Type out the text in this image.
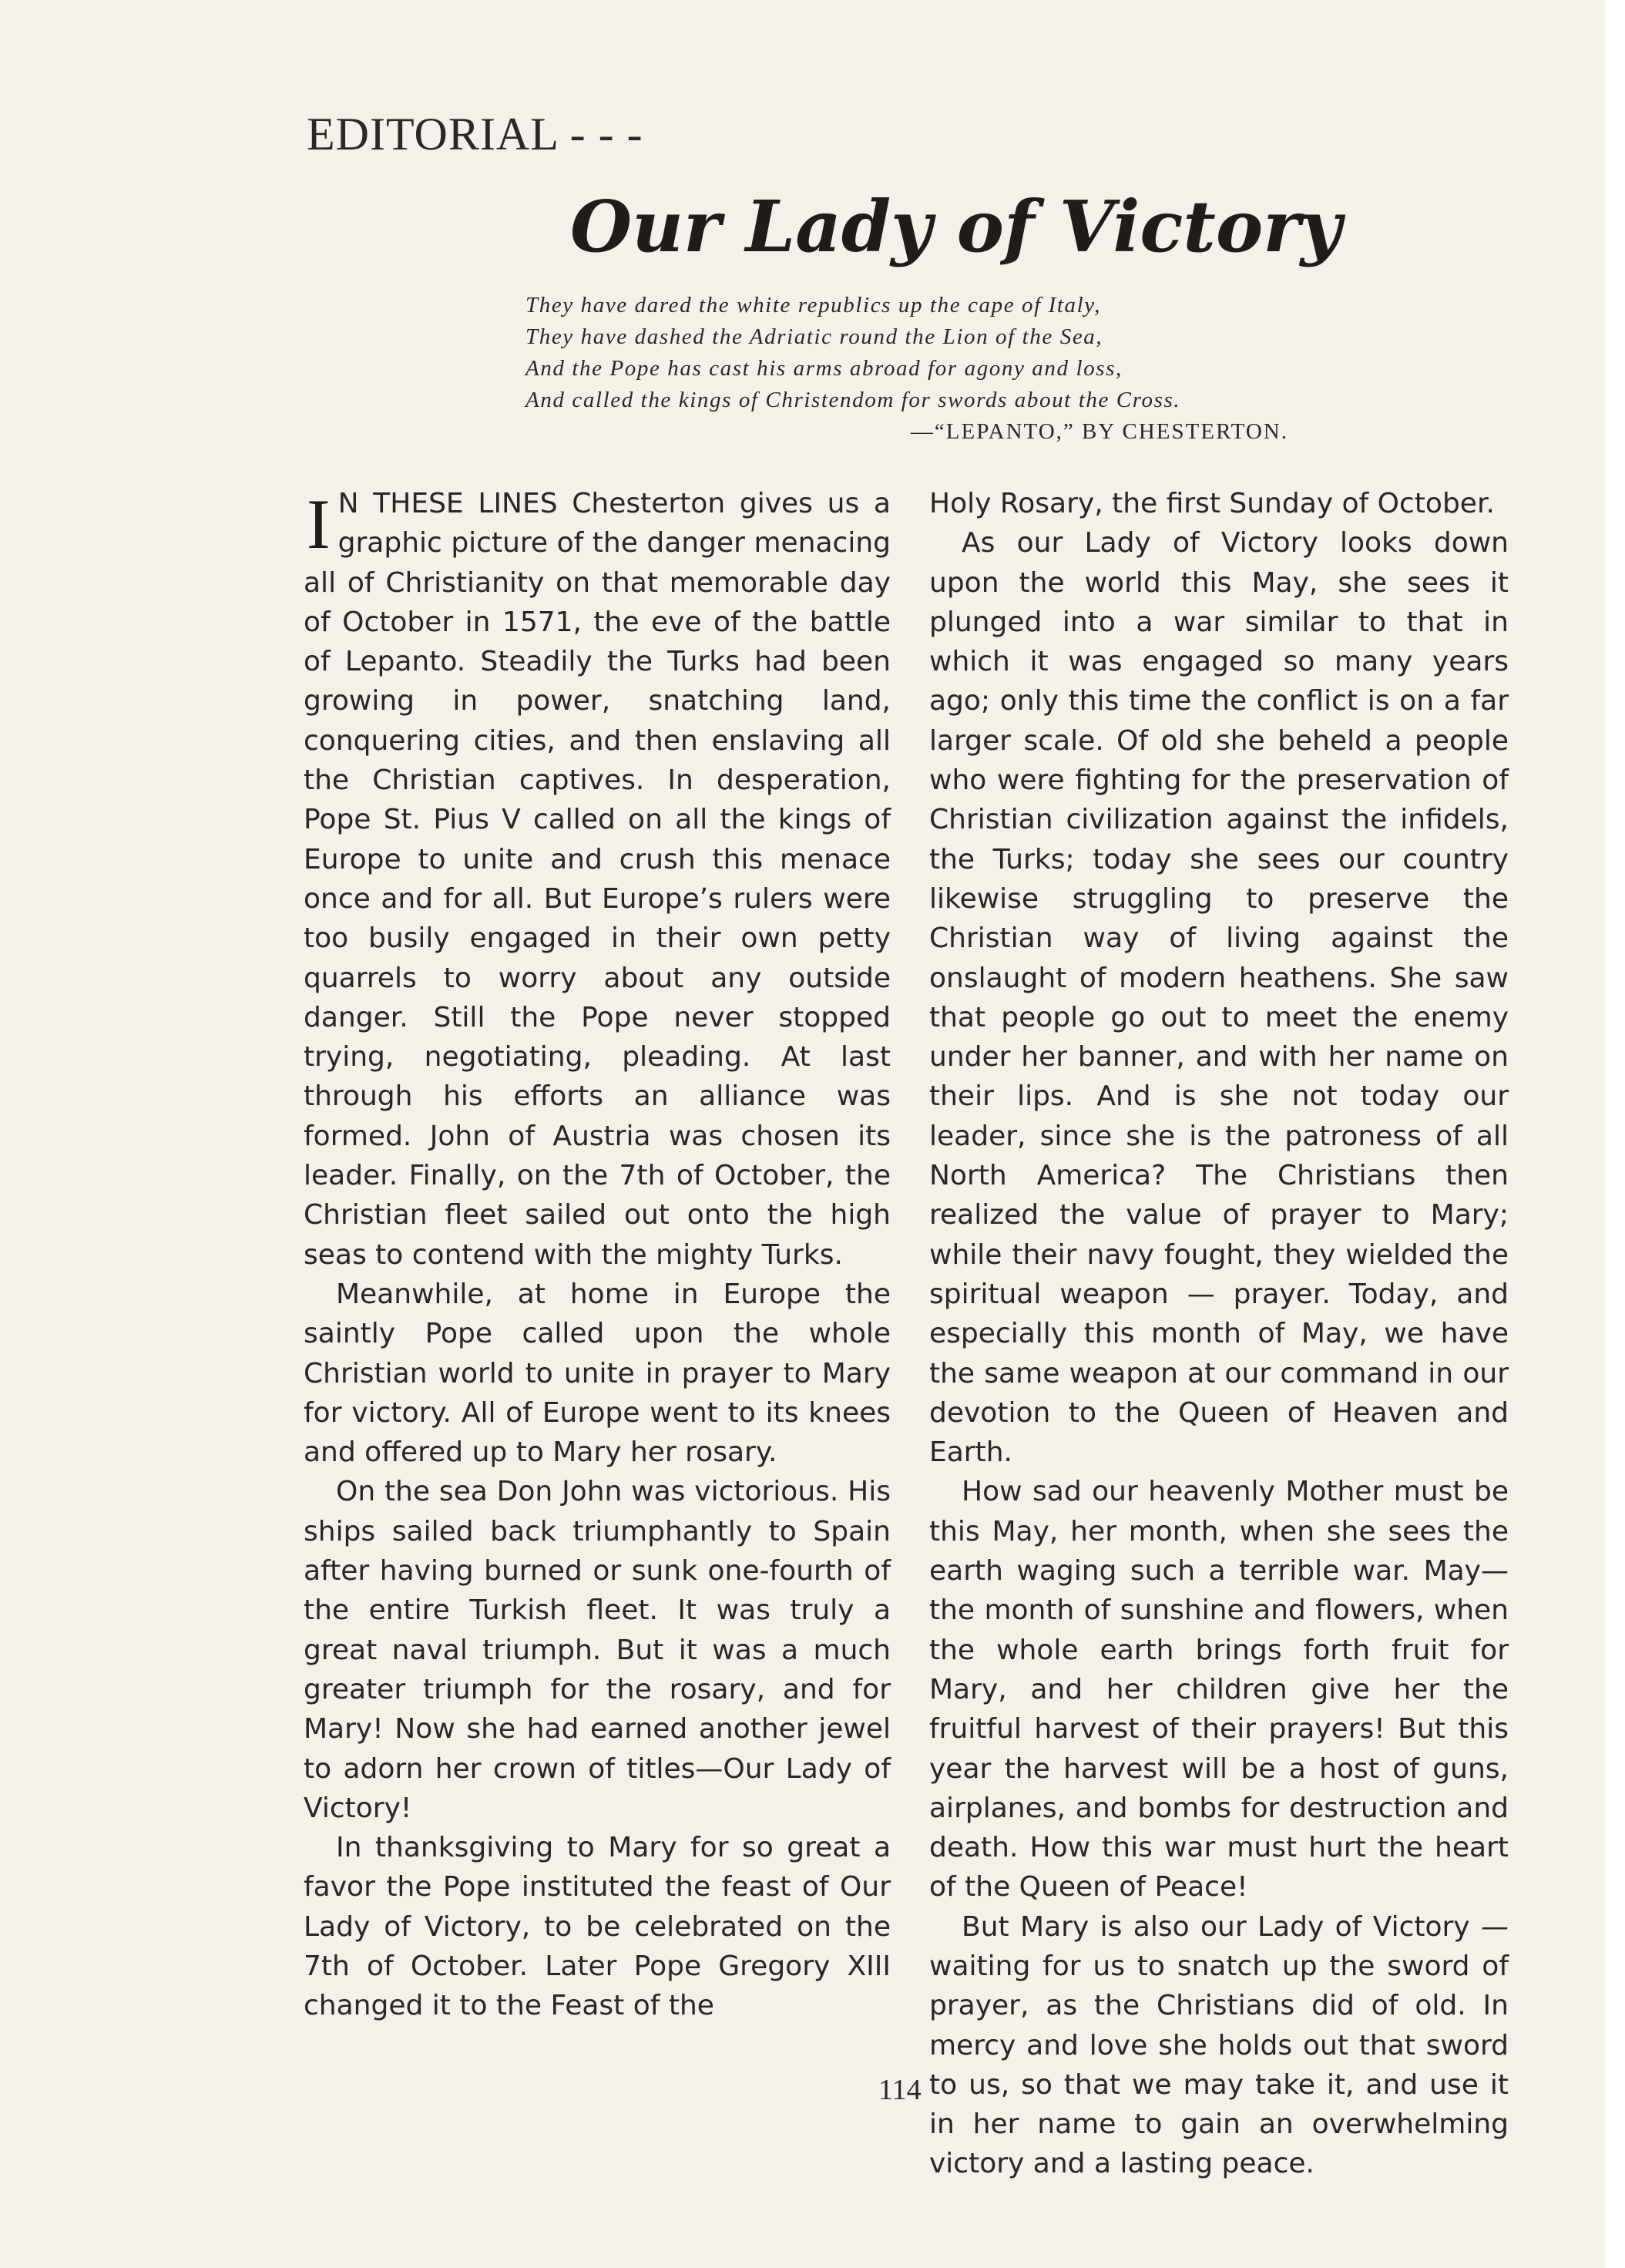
EDITORIAL - - -
Our Lady of Victory
They have dared the white republics up the cape of Italy,
They have dashed the Adriatic round the Lion of the Sea,
And the Pope has cast his arms abroad for agony and loss,
And called the kings of Christendom for swords about the Cross.
—“LEPANTO,” BY CHESTERTON.

I N THESE LINES Chesterton gives us a graphic picture of the danger menacing all of Christianity on that memorable day of October in 1571, the eve of the battle of Lepanto. Steadily the Turks had been growing in power, snatching land, conquering cities, and then enslaving all the Christian captives. In desperation, Pope St. Pius V called on all the kings of Europe to unite and crush this menace once and for all. But Europe’s rulers were too busily engaged in their own petty quarrels to worry about any outside danger. Still the Pope never stopped trying, negotiating, pleading. At last through his efforts an alliance was formed. John of Austria was chosen its leader. Finally, on the 7th of October, the Christian fleet sailed out onto the high seas to contend with the mighty Turks.

Meanwhile, at home in Europe the saintly Pope called upon the whole Christian world to unite in prayer to Mary for victory. All of Europe went to its knees and offered up to Mary her rosary.

On the sea Don John was victorious. His ships sailed back triumphantly to Spain after having burned or sunk one-fourth of the entire Turkish fleet. It was truly a great naval triumph. But it was a much greater triumph for the rosary, and for Mary! Now she had earned another jewel to adorn her crown of titles—Our Lady of Victory!

In thanksgiving to Mary for so great a favor the Pope instituted the feast of Our Lady of Victory, to be celebrated on the 7th of October. Later Pope Gregory XIII changed it to the Feast of the

Holy Rosary, the first Sunday of October.

As our Lady of Victory looks down upon the world this May, she sees it plunged into a war similar to that in which it was engaged so many years ago; only this time the conflict is on a far larger scale. Of old she beheld a people who were fighting for the preservation of Christian civilization against the infidels, the Turks; today she sees our country likewise struggling to preserve the Christian way of living against the onslaught of modern heathens. She saw that people go out to meet the enemy under her banner, and with her name on their lips. And is she not today our leader, since she is the patroness of all North America? The Christians then realized the value of prayer to Mary; while their navy fought, they wielded the spiritual weapon — prayer. Today, and especially this month of May, we have the same weapon at our command in our devotion to the Queen of Heaven and Earth.

How sad our heavenly Mother must be this May, her month, when she sees the earth waging such a terrible war. May—the month of sunshine and flowers, when the whole earth brings forth fruit for Mary, and her children give her the fruitful harvest of their prayers! But this year the harvest will be a host of guns, airplanes, and bombs for destruction and death. How this war must hurt the heart of the Queen of Peace!

But Mary is also our Lady of Victory —waiting for us to snatch up the sword of prayer, as the Christians did of old. In mercy and love she holds out that sword to us, so that we may take it, and use it in her name to gain an overwhelming victory and a lasting peace.

114
